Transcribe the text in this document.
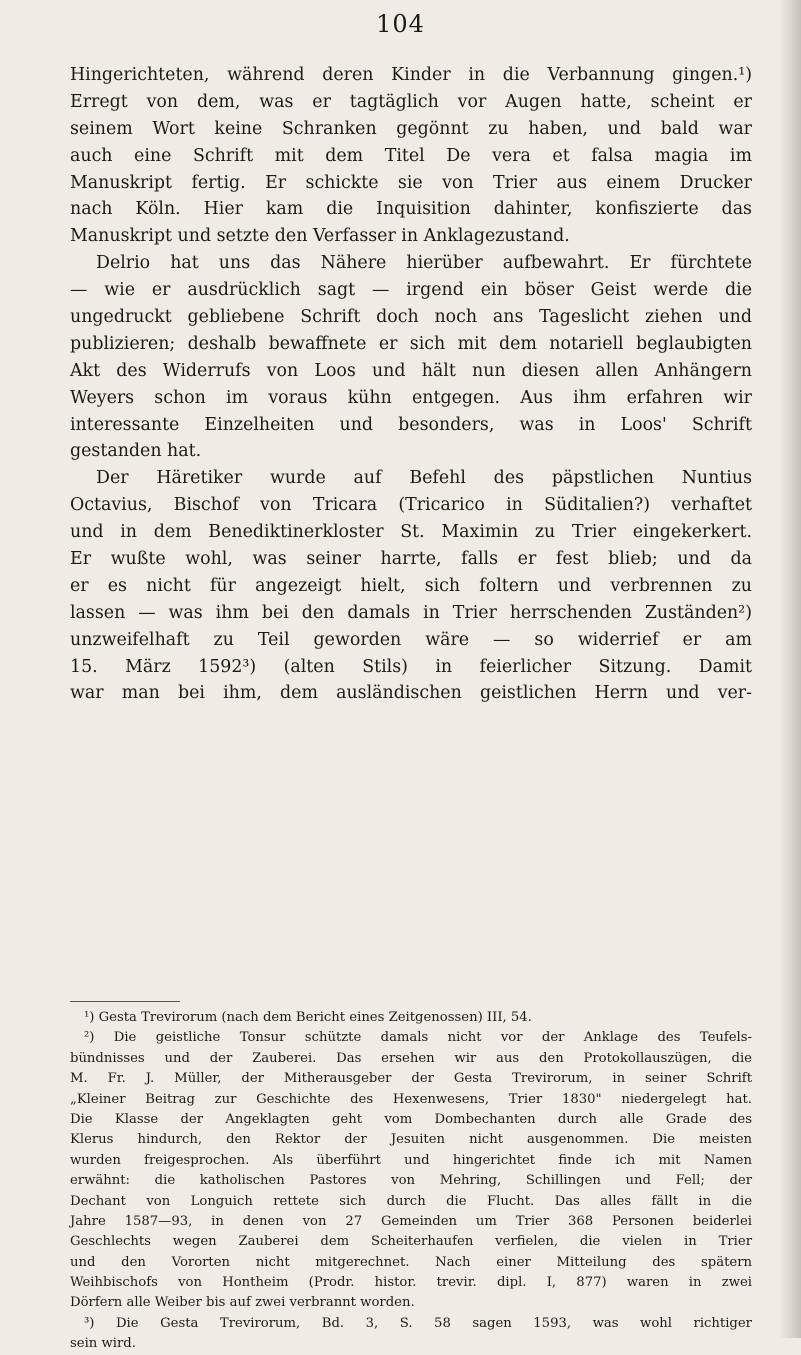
104
Hingerichteten, während deren Kinder in die Verbannung gingen.¹)
Erregt von dem, was er tagtäglich vor Augen hatte, scheint er
seinem Wort keine Schranken gegönnt zu haben, und bald war
auch eine Schrift mit dem Titel De vera et falsa magia im
Manuskript fertig. Er schickte sie von Trier aus einem Drucker
nach Köln. Hier kam die Inquisition dahinter, konfiszierte das
Manuskript und setzte den Verfasser in Anklagezustand.
Delrio hat uns das Nähere hierüber aufbewahrt. Er fürchtete
— wie er ausdrücklich sagt — irgend ein böser Geist werde die
ungedruckt gebliebene Schrift doch noch ans Tageslicht ziehen und
publizieren; deshalb bewaffnete er sich mit dem notariell beglaubigten
Akt des Widerrufs von Loos und hält nun diesen allen Anhängern
Weyers schon im voraus kühn entgegen. Aus ihm erfahren wir
interessante Einzelheiten und besonders, was in Loos' Schrift
gestanden hat.
Der Häretiker wurde auf Befehl des päpstlichen Nuntius
Octavius, Bischof von Tricara (Tricarico in Süditalien?) verhaftet
und in dem Benediktinerkloster St. Maximin zu Trier eingekerkert.
Er wußte wohl, was seiner harrte, falls er fest blieb; und da
er es nicht für angezeigt hielt, sich foltern und verbrennen zu
lassen — was ihm bei den damals in Trier herrschenden Zuständen²)
unzweifelhaft zu Teil geworden wäre — so widerrief er am
15. März 1592³) (alten Stils) in feierlicher Sitzung. Damit
war man bei ihm, dem ausländischen geistlichen Herrn und ver-
¹) Gesta Trevirorum (nach dem Bericht eines Zeitgenossen) III, 54.
²) Die geistliche Tonsur schützte damals nicht vor der Anklage des Teufels-
bündnisses und der Zauberei. Das ersehen wir aus den Protokollauszügen, die
M. Fr. J. Müller, der Mitherausgeber der Gesta Trevirorum, in seiner Schrift
„Kleiner Beitrag zur Geschichte des Hexenwesens, Trier 1830" niedergelegt hat.
Die Klasse der Angeklagten geht vom Dombechanten durch alle Grade des
Klerus hindurch, den Rektor der Jesuiten nicht ausgenommen. Die meisten
wurden freigesprochen. Als überführt und hingerichtet finde ich mit Namen
erwähnt: die katholischen Pastores von Mehring, Schillingen und Fell; der
Dechant von Longuich rettete sich durch die Flucht. Das alles fällt in die
Jahre 1587—93, in denen von 27 Gemeinden um Trier 368 Personen beiderlei
Geschlechts wegen Zauberei dem Scheiterhaufen verfielen, die vielen in Trier
und den Vororten nicht mitgerechnet. Nach einer Mitteilung des spätern
Weihbischofs von Hontheim (Prodr. histor. trevir. dipl. I, 877) waren in zwei
Dörfern alle Weiber bis auf zwei verbrannt worden.
³) Die Gesta Trevirorum, Bd. 3, S. 58 sagen 1593, was wohl richtiger
sein wird.
